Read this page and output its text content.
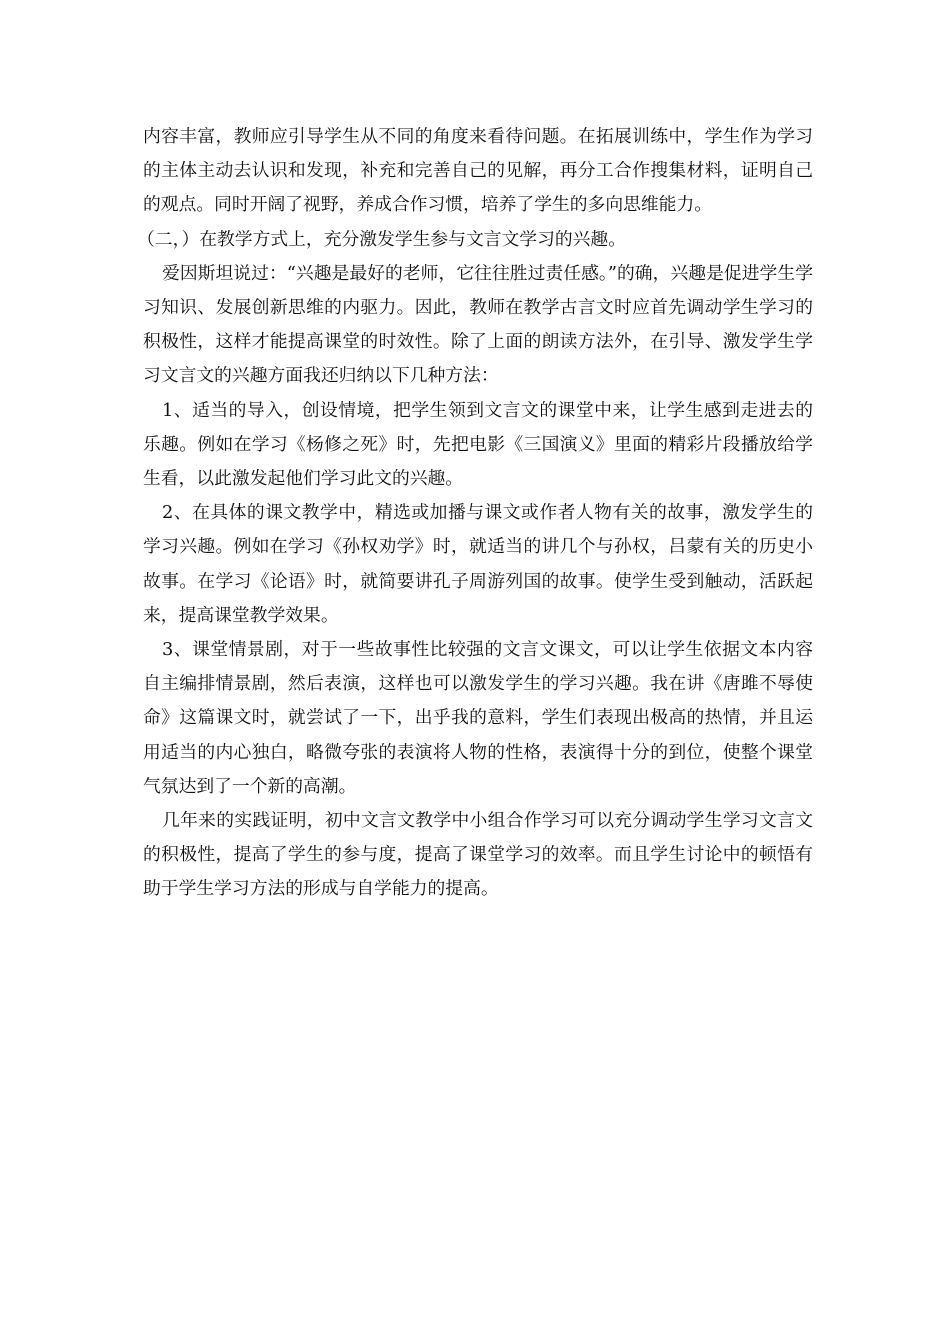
内容丰富，教师应引导学生从不同的角度来看待问题。在拓展训练中，学生作为学习的主体主动去认识和发现，补充和完善自己的见解，再分工合作搜集材料，证明自己的观点。同时开阔了视野，养成合作习惯，培养了学生的多向思维能力。

（二，）在教学方式上，充分激发学生参与文言文学习的兴趣。

爱因斯坦说过：“兴趣是最好的老师，它往往胜过责任感。”的确，兴趣是促进学生学习知识、发展创新思维的内驱力。因此，教师在教学古言文时应首先调动学生学习的积极性，这样才能提高课堂的时效性。除了上面的朗读方法外，在引导、激发学生学习文言文的兴趣方面我还归纳以下几种方法：

1、适当的导入，创设情境，把学生领到文言文的课堂中来，让学生感到走进去的乐趣。例如在学习《杨修之死》时，先把电影《三国演义》里面的精彩片段播放给学生看，以此激发起他们学习此文的兴趣。

2、在具体的课文教学中，精选或加播与课文或作者人物有关的故事，激发学生的学习兴趣。例如在学习《孙权劝学》时，就适当的讲几个与孙权，吕蒙有关的历史小故事。在学习《论语》时，就简要讲孔子周游列国的故事。使学生受到触动，活跃起来，提高课堂教学效果。

3、课堂情景剧，对于一些故事性比较强的文言文课文，可以让学生依据文本内容自主编排情景剧，然后表演，这样也可以激发学生的学习兴趣。我在讲《唐雎不辱使命》这篇课文时，就尝试了一下，出乎我的意料，学生们表现出极高的热情，并且运用适当的内心独白，略微夸张的表演将人物的性格，表演得十分的到位，使整个课堂气氛达到了一个新的高潮。

几年来的实践证明，初中文言文教学中小组合作学习可以充分调动学生学习文言文的积极性，提高了学生的参与度，提高了课堂学习的效率。而且学生讨论中的顿悟有助于学生学习方法的形成与自学能力的提高。
